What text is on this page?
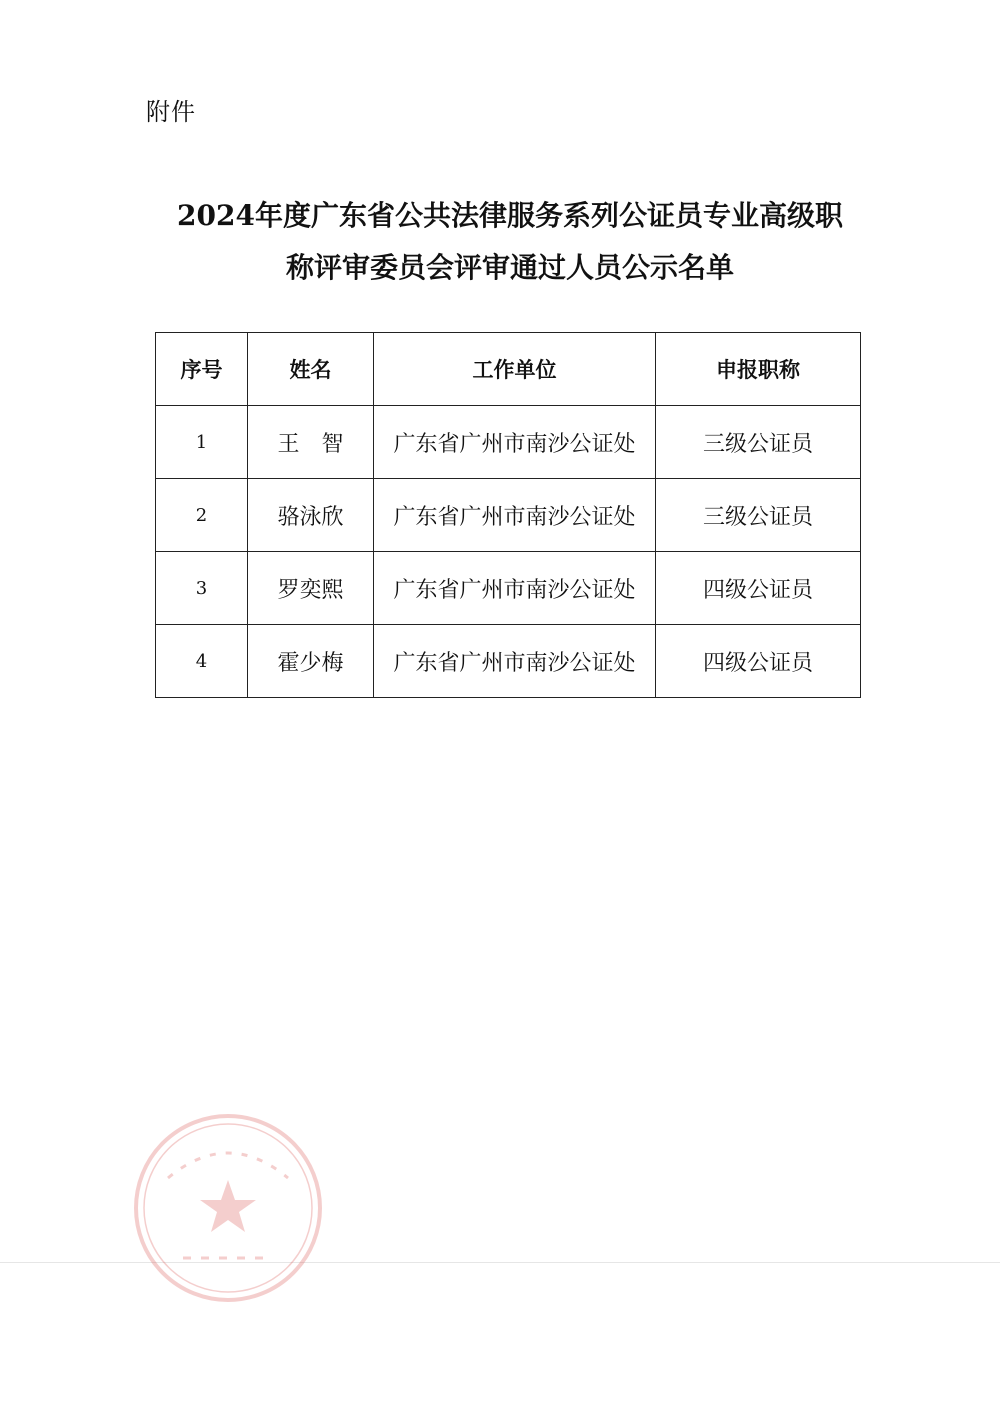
附件
2024年度广东省公共法律服务系列公证员专业高级职
称评审委员会评审通过人员公示名单
序号	姓名	工作单位	申报职称
1	王　智	广东省广州市南沙公证处	三级公证员
2	骆泳欣	广东省广州市南沙公证处	三级公证员
3	罗奕熙	广东省广州市南沙公证处	四级公证员
4	霍少梅	广东省广州市南沙公证处	四级公证员
